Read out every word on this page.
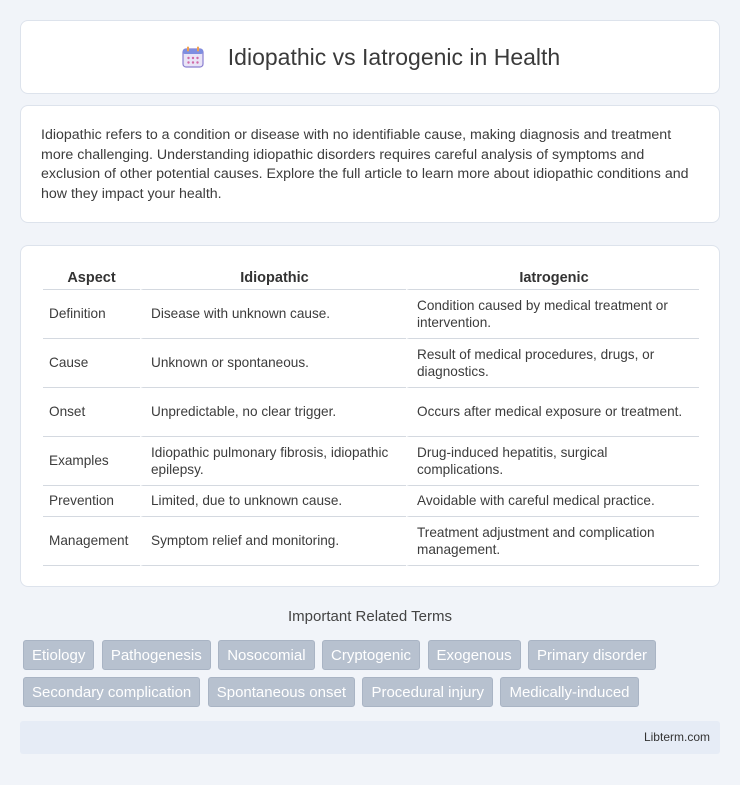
Idiopathic vs Iatrogenic in Health

Idiopathic refers to a condition or disease with no identifiable cause, making diagnosis and treatment more challenging. Understanding idiopathic disorders requires careful analysis of symptoms and exclusion of other potential causes. Explore the full article to learn more about idiopathic conditions and how they impact your health.

Aspect	Idiopathic	Iatrogenic
Definition	Disease with unknown cause.	Condition caused by medical treatment or intervention.
Cause	Unknown or spontaneous.	Result of medical procedures, drugs, or diagnostics.
Onset	Unpredictable, no clear trigger.	Occurs after medical exposure or treatment.
Examples	Idiopathic pulmonary fibrosis, idiopathic epilepsy.	Drug-induced hepatitis, surgical complications.
Prevention	Limited, due to unknown cause.	Avoidable with careful medical practice.
Management	Symptom relief and monitoring.	Treatment adjustment and complication management.
Important Related Terms
Etiology Pathogenesis Nosocomial Cryptogenic Exogenous Primary disorder Secondary complication Spontaneous onset Procedural injury Medically-induced
Libterm.com
